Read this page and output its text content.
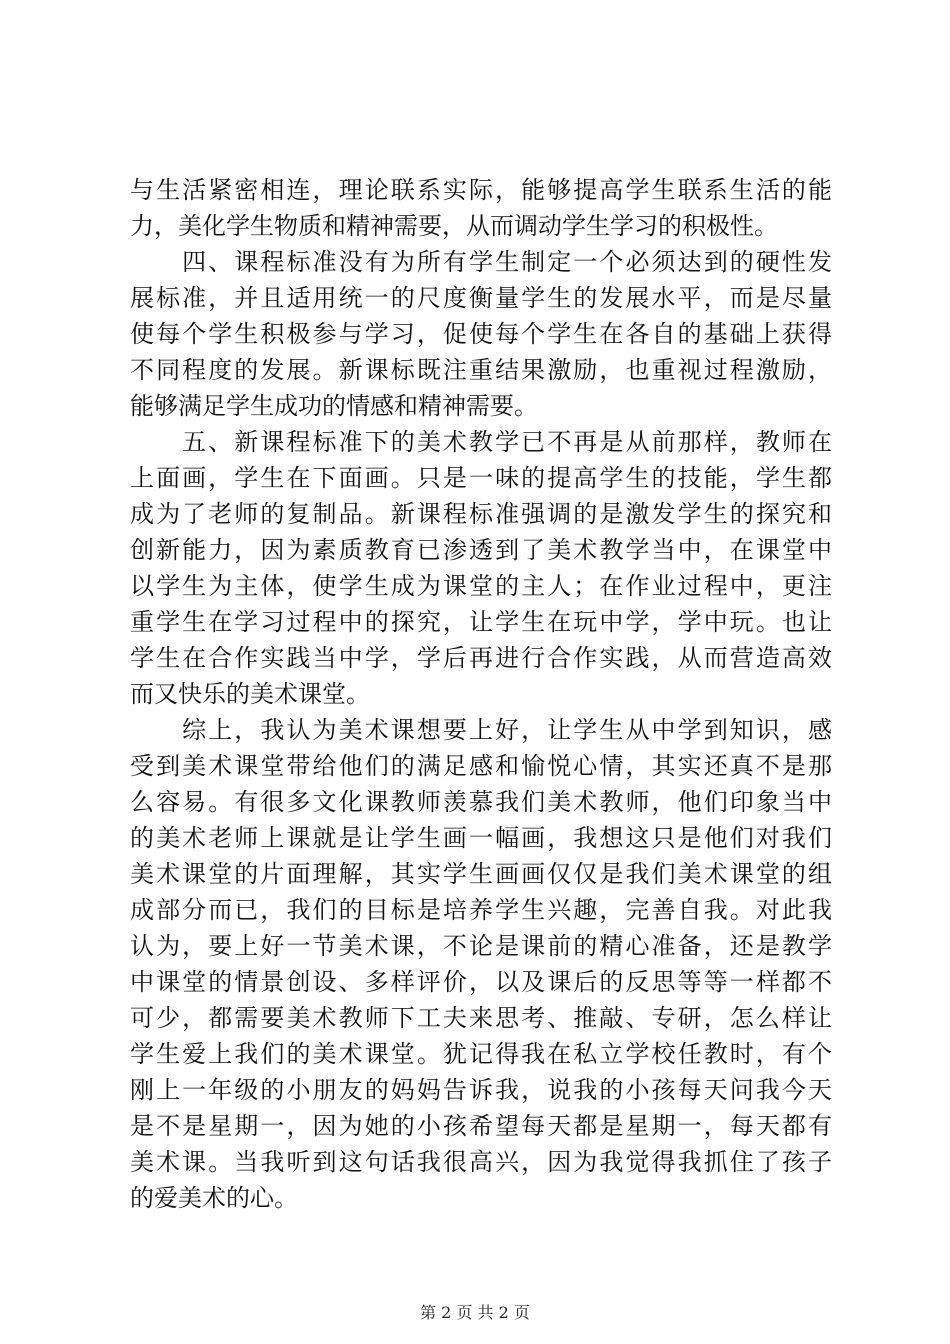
与生活紧密相连，理论联系实际，能够提高学生联系生活的能
力，美化学生物质和精神需要，从而调动学生学习的积极性。
　　四、课程标准没有为所有学生制定一个必须达到的硬性发
展标准，并且适用统一的尺度衡量学生的发展水平，而是尽量
使每个学生积极参与学习，促使每个学生在各自的基础上获得
不同程度的发展。新课标既注重结果激励，也重视过程激励，
能够满足学生成功的情感和精神需要。
　　五、新课程标准下的美术教学已不再是从前那样，教师在
上面画，学生在下面画。只是一味的提高学生的技能，学生都
成为了老师的复制品。新课程标准强调的是激发学生的探究和
创新能力，因为素质教育已渗透到了美术教学当中，在课堂中
以学生为主体，使学生成为课堂的主人；在作业过程中，更注
重学生在学习过程中的探究，让学生在玩中学，学中玩。也让
学生在合作实践当中学，学后再进行合作实践，从而营造高效
而又快乐的美术课堂。
　　综上，我认为美术课想要上好，让学生从中学到知识，感
受到美术课堂带给他们的满足感和愉悦心情，其实还真不是那
么容易。有很多文化课教师羡慕我们美术教师，他们印象当中
的美术老师上课就是让学生画一幅画，我想这只是他们对我们
美术课堂的片面理解，其实学生画画仅仅是我们美术课堂的组
成部分而已，我们的目标是培养学生兴趣，完善自我。对此我
认为，要上好一节美术课，不论是课前的精心准备，还是教学
中课堂的情景创设、多样评价，以及课后的反思等等一样都不
可少，都需要美术教师下工夫来思考、推敲、专研，怎么样让
学生爱上我们的美术课堂。犹记得我在私立学校任教时，有个
刚上一年级的小朋友的妈妈告诉我，说我的小孩每天问我今天
是不是星期一，因为她的小孩希望每天都是星期一，每天都有
美术课。当我听到这句话我很高兴，因为我觉得我抓住了孩子
的爱美术的心。
第 2 页 共 2 页
